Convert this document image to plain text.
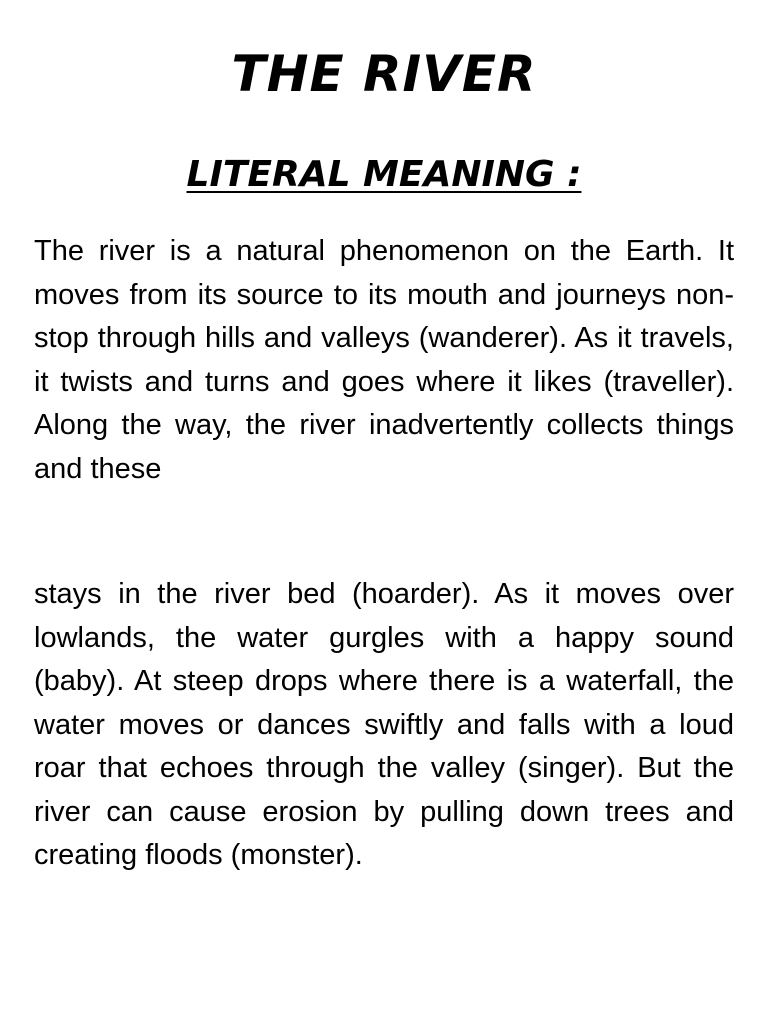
THE RIVER
LITERAL MEANING :

The river is a natural phenomenon on the Earth. It moves from its source to its mouth and journeys non-stop through hills and valleys (wanderer). As it travels, it twists and turns and goes where it likes (traveller). Along the way, the river inadvertently collects things and these

stays in the river bed (hoarder). As it moves over lowlands, the water gurgles with a happy sound (baby). At steep drops where there is a waterfall, the water moves or dances swiftly and falls with a loud roar that echoes through the valley (singer). But the river can cause erosion by pulling down trees and creating floods (monster).
